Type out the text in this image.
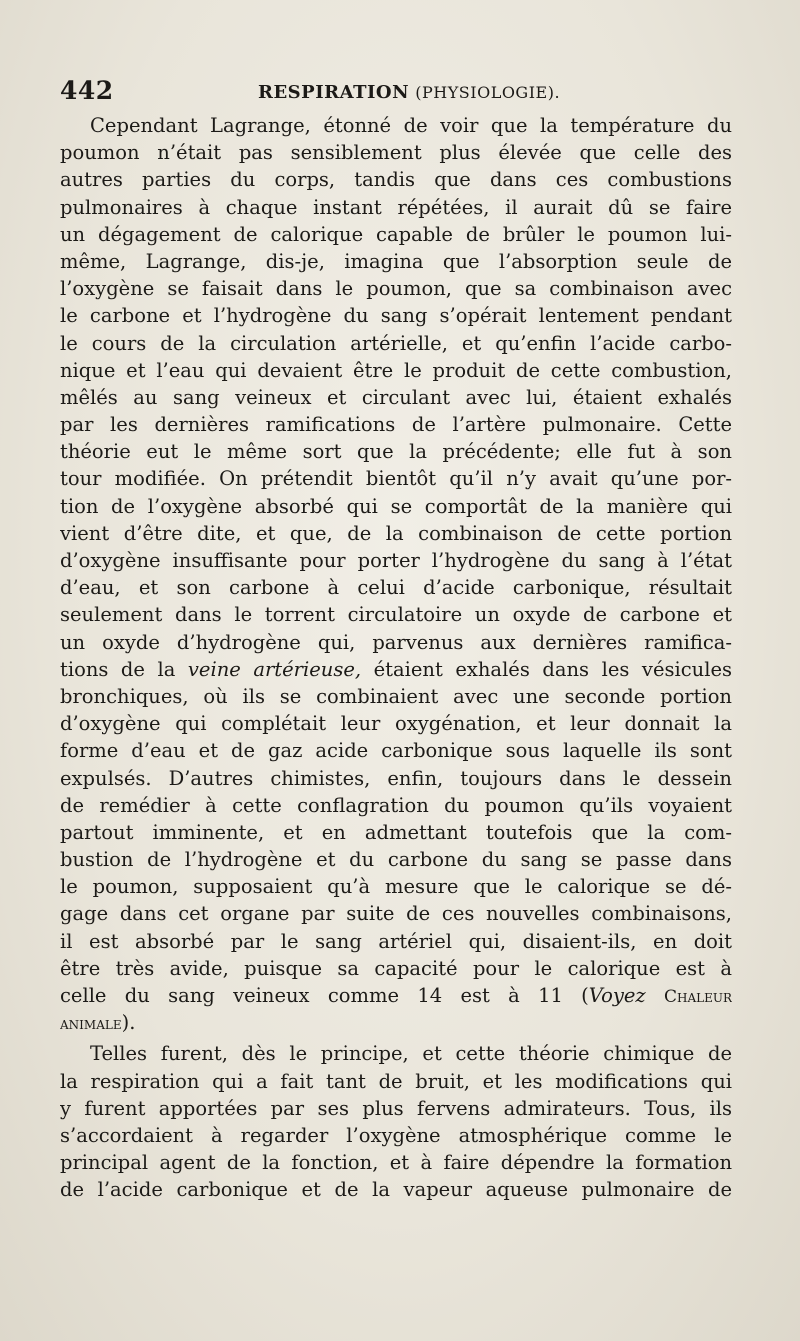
442	RESPIRATION (PHYSIOLOGIE).
Cependant Lagrange, étonné de voir que la température du
poumon n’était pas sensiblement plus élevée que celle des
autres parties du corps, tandis que dans ces combustions
pulmonaires à chaque instant répétées, il aurait dû se faire
un dégagement de calorique capable de brûler le poumon lui-
même, Lagrange, dis-je, imagina que l’absorption seule de
l’oxygène se faisait dans le poumon, que sa combinaison avec
le carbone et l’hydrogène du sang s’opérait lentement pendant
le cours de la circulation artérielle, et qu’enfin l’acide carbo-
nique et l’eau qui devaient être le produit de cette combustion,
mêlés au sang veineux et circulant avec lui, étaient exhalés
par les dernières ramifications de l’artère pulmonaire. Cette
théorie eut le même sort que la précédente; elle fut à son
tour modifiée. On prétendit bientôt qu’il n’y avait qu’une por-
tion de l’oxygène absorbé qui se comportât de la manière qui
vient d’être dite, et que, de la combinaison de cette portion
d’oxygène insuffisante pour porter l’hydrogène du sang à l’état
d’eau, et son carbone à celui d’acide carbonique, résultait
seulement dans le torrent circulatoire un oxyde de carbone et
un oxyde d’hydrogène qui, parvenus aux dernières ramifica-
tions de la veine artérieuse, étaient exhalés dans les vésicules
bronchiques, où ils se combinaient avec une seconde portion
d’oxygène qui complétait leur oxygénation, et leur donnait la
forme d’eau et de gaz acide carbonique sous laquelle ils sont
expulsés. D’autres chimistes, enfin, toujours dans le dessein
de remédier à cette conflagration du poumon qu’ils voyaient
partout imminente, et en admettant toutefois que la com-
bustion de l’hydrogène et du carbone du sang se passe dans
le poumon, supposaient qu’à mesure que le calorique se dé-
gage dans cet organe par suite de ces nouvelles combinaisons,
il est absorbé par le sang artériel qui, disaient-ils, en doit
être très avide, puisque sa capacité pour le calorique est à
celle du sang veineux comme 14 est à 11 (Voyez Chaleur
animale).
Telles furent, dès le principe, et cette théorie chimique de
la respiration qui a fait tant de bruit, et les modifications qui
y furent apportées par ses plus fervens admirateurs. Tous, ils
s’accordaient à regarder l’oxygène atmosphérique comme le
principal agent de la fonction, et à faire dépendre la formation
de l’acide carbonique et de la vapeur aqueuse pulmonaire de
